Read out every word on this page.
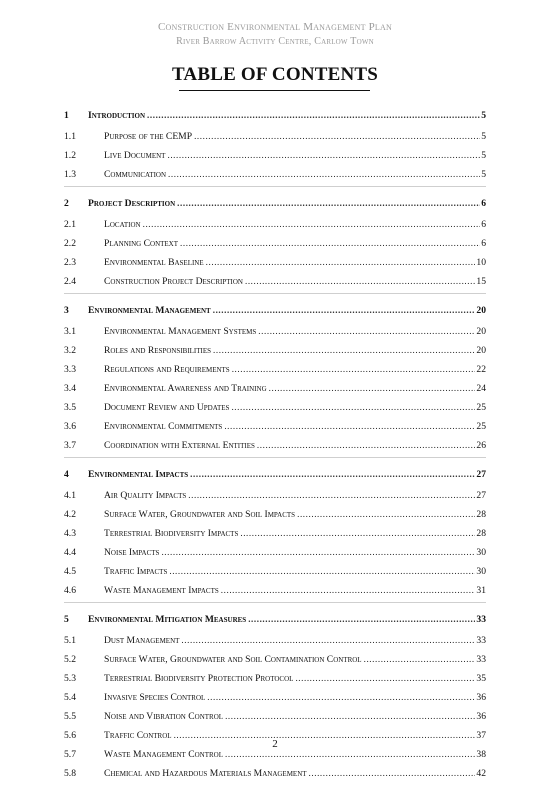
Construction Environmental Management Plan
River Barrow Activity Centre, Carlow Town
TABLE OF CONTENTS
1	Introduction .....	5
1.1	Purpose of the CEMP .....	5
1.2	Live Document .....	5
1.3	Communication .....	5
2	Project Description .....	6
2.1	Location .....	6
2.2	Planning Context .....	6
2.3	Environmental Baseline .....	10
2.4	Construction Project Description .....	15
3	Environmental Management .....	20
3.1	Environmental Management Systems .....	20
3.2	Roles and Responsibilities .....	20
3.3	Regulations and Requirements .....	22
3.4	Environmental Awareness and Training .....	24
3.5	Document Review and Updates .....	25
3.6	Environmental Commitments .....	25
3.7	Coordination with External Entities .....	26
4	Environmental Impacts .....	27
4.1	Air Quality Impacts .....	27
4.2	Surface Water, Groundwater and Soil Impacts .....	28
4.3	Terrestrial Biodiversity Impacts .....	28
4.4	Noise Impacts .....	30
4.5	Traffic Impacts .....	30
4.6	Waste Management Impacts .....	31
5	Environmental Mitigation Measures .....	33
5.1	Dust Management .....	33
5.2	Surface Water, Groundwater and Soil Contamination Control .....	33
5.3	Terrestrial Biodiversity Protection Protocol .....	35
5.4	Invasive Species Control .....	36
5.5	Noise and Vibration Control .....	36
5.6	Traffic Control .....	37
5.7	Waste Management Control .....	38
5.8	Chemical and Hazardous Materials Management .....	42
2
